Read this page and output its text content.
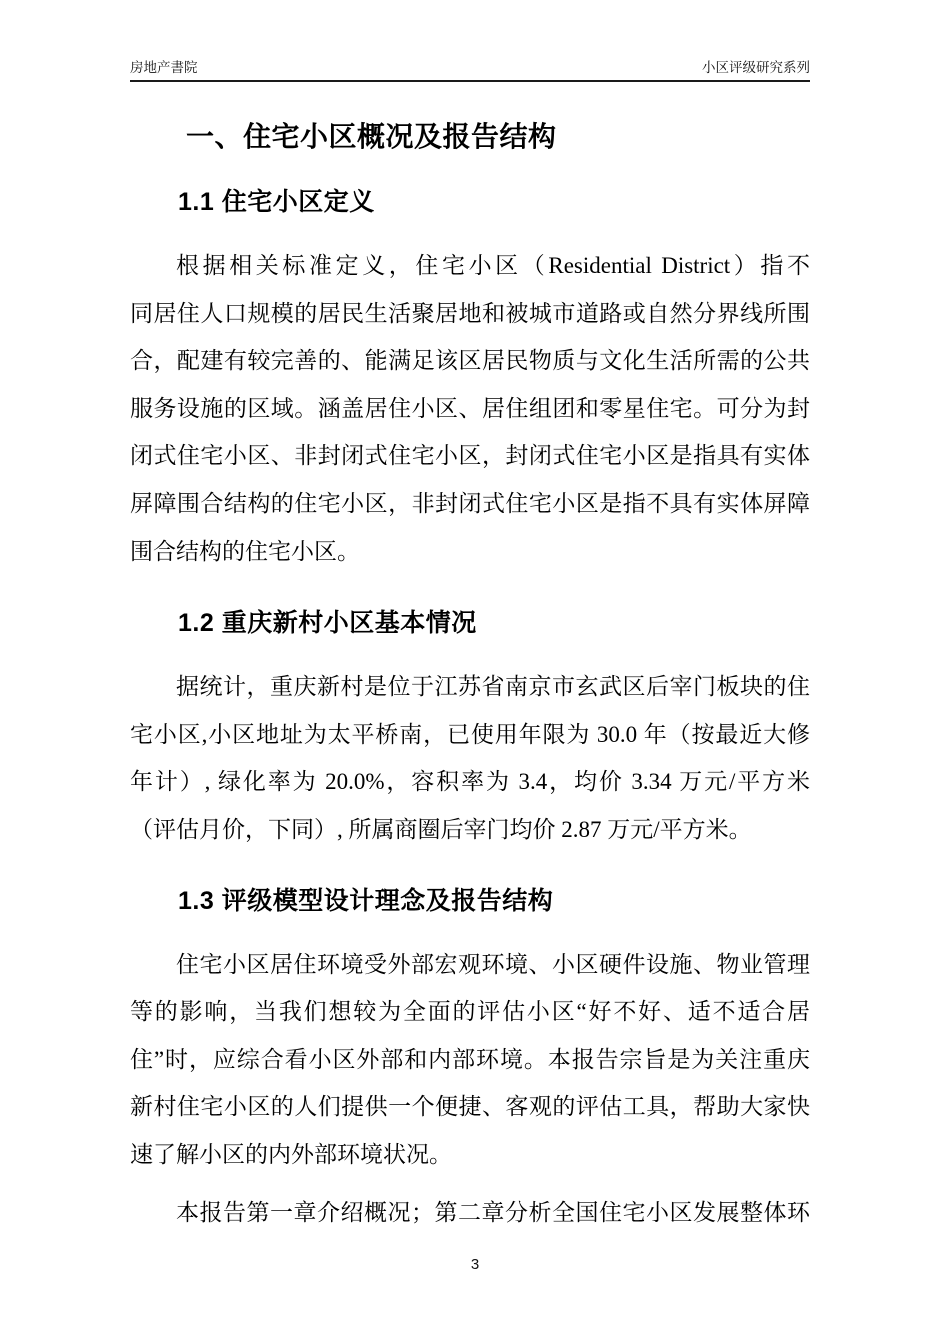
房地产書院	小区评级研究系列
一、住宅小区概况及报告结构
1.1 住宅小区定义
根据相关标准定义，住宅小区（Residential District）指不
同居住人口规模的居民生活聚居地和被城市道路或自然分界线所围
合，配建有较完善的、能满足该区居民物质与文化生活所需的公共
服务设施的区域。涵盖居住小区、居住组团和零星住宅。可分为封
闭式住宅小区、非封闭式住宅小区，封闭式住宅小区是指具有实体
屏障围合结构的住宅小区，非封闭式住宅小区是指不具有实体屏障
围合结构的住宅小区。
1.2 重庆新村小区基本情况
据统计，重庆新村是位于江苏省南京市玄武区后宰门板块的住
宅小区,小区地址为太平桥南，已使用年限为 30.0 年（按最近大修
年计）, 绿化率为 20.0%，容积率为 3.4，均价 3.34 万元/平方米
（评估月价，下同）, 所属商圈后宰门均价 2.87 万元/平方米。
1.3 评级模型设计理念及报告结构
住宅小区居住环境受外部宏观环境、小区硬件设施、物业管理
等的影响，当我们想较为全面的评估小区“好不好、适不适合居
住”时，应综合看小区外部和内部环境。本报告宗旨是为关注重庆
新村住宅小区的人们提供一个便捷、客观的评估工具，帮助大家快
速了解小区的内外部环境状况。
本报告第一章介绍概况；第二章分析全国住宅小区发展整体环
3
